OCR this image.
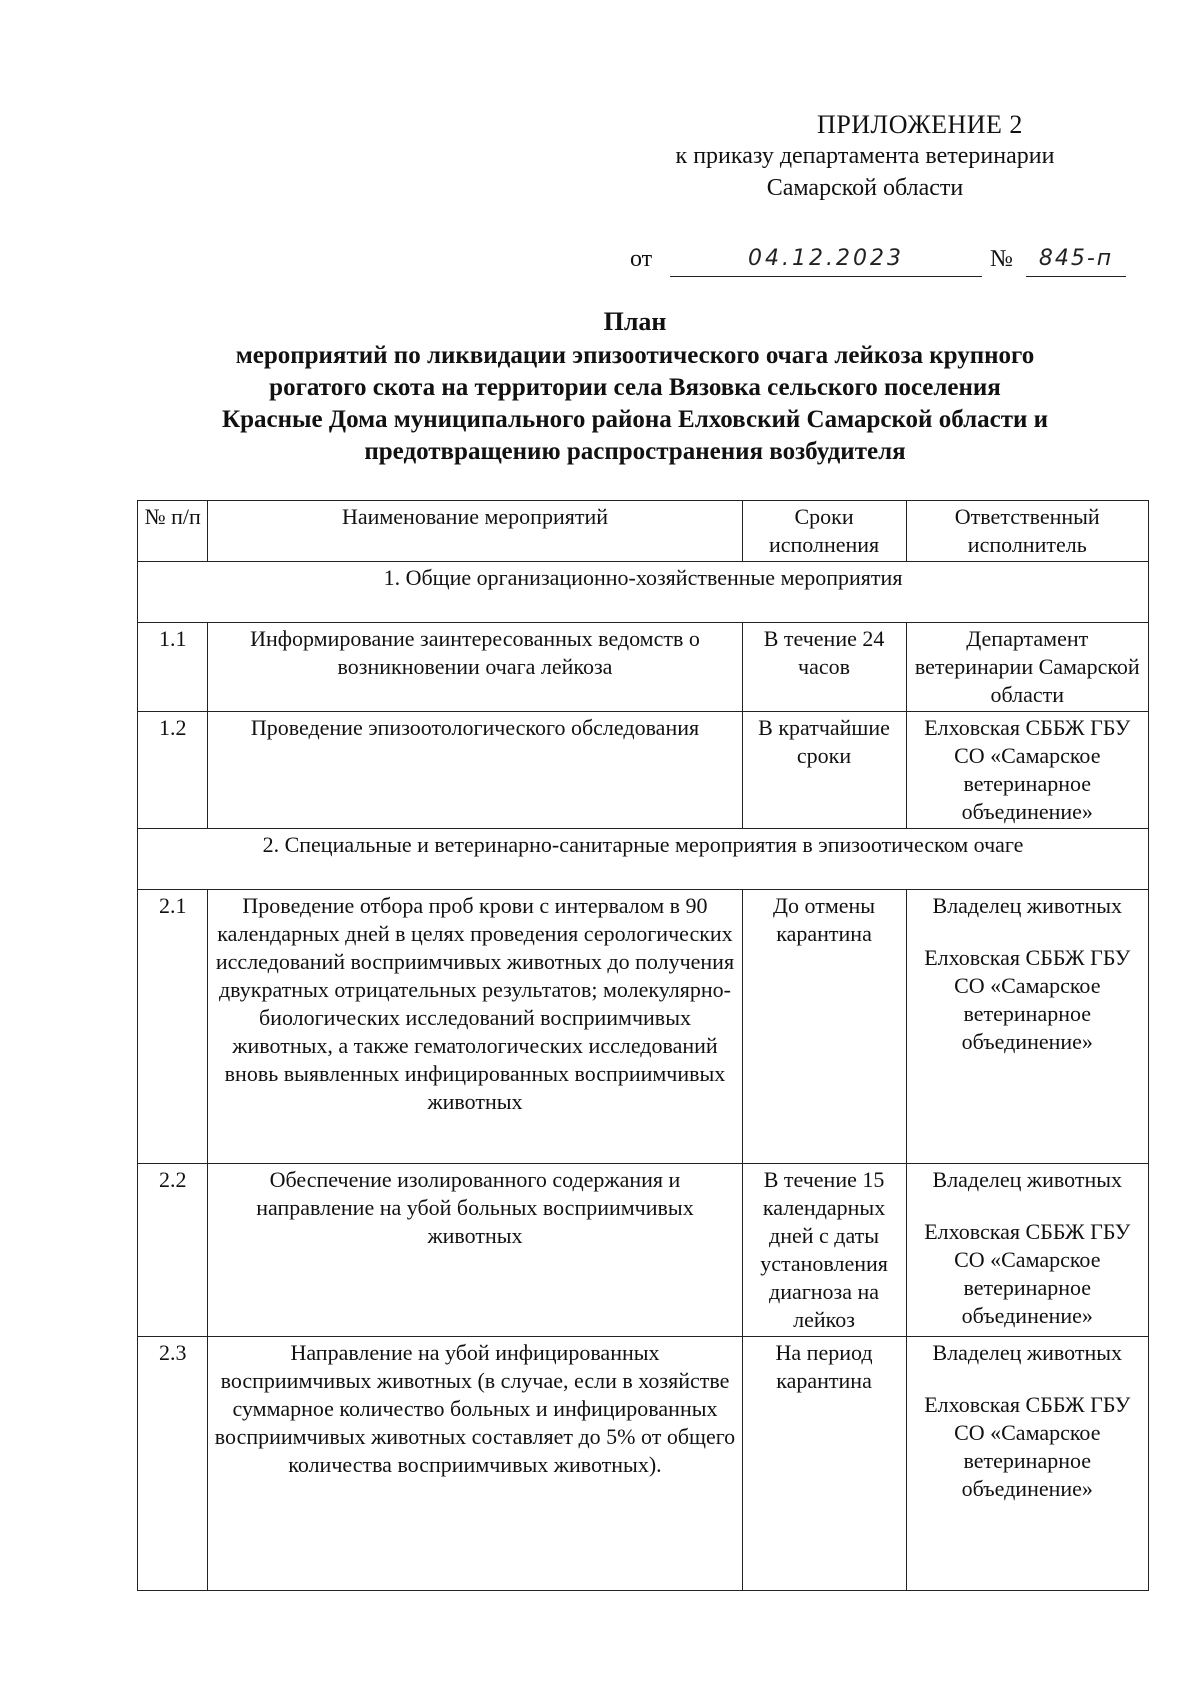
ПРИЛОЖЕНИЕ 2
к приказу департамента ветеринарии
Самарской области
от	04.12.2023	№	845-п
План
мероприятий по ликвидации эпизоотического очага лейкоза крупного
рогатого скота на территории села Вязовка сельского поселения
Красные Дома муниципального района Елховский Самарской области и
предотвращению распространения возбудителя
№ п/п	Наименование мероприятий	Сроки исполнения	Ответственный исполнитель
1. Общие организационно-хозяйственные мероприятия			
1.1	Информирование заинтересованных ведомств о возникновении очага лейкоза	В течение 24 часов	Департамент ветеринарии Самарской области

1.2	Проведение эпизоотологического обследования	В кратчайшие сроки	Елховская СББЖ ГБУ СО «Самарское ветеринарное объединение»

2. Специальные и ветеринарно-санитарные мероприятия в эпизоотическом очаге			
2.1	Проведение отбора проб крови с интервалом в 90 календарных дней в целях проведения серологических исследований восприимчивых животных до получения двукратных отрицательных результатов; молекулярно-биологических исследований восприимчивых животных, а также гематологических исследований вновь выявленных инфицированных восприимчивых животных	До отмены карантина	Владелец животных
Елховская СББЖ ГБУ СО «Самарское ветеринарное объединение»

2.2	Обеспечение изолированного содержания и направление на убой больных восприимчивых животных	В течение 15 календарных дней с даты установления диагноза на лейкоз	Владелец животных
Елховская СББЖ ГБУ СО «Самарское ветеринарное объединение»

2.3	Направление на убой инфицированных восприимчивых животных (в случае, если в хозяйстве суммарное количество больных и инфицированных восприимчивых животных составляет до 5% от общего количества восприимчивых животных).	На период карантина	Владелец животных
Елховская СББЖ ГБУ СО «Самарское ветеринарное объединение»
